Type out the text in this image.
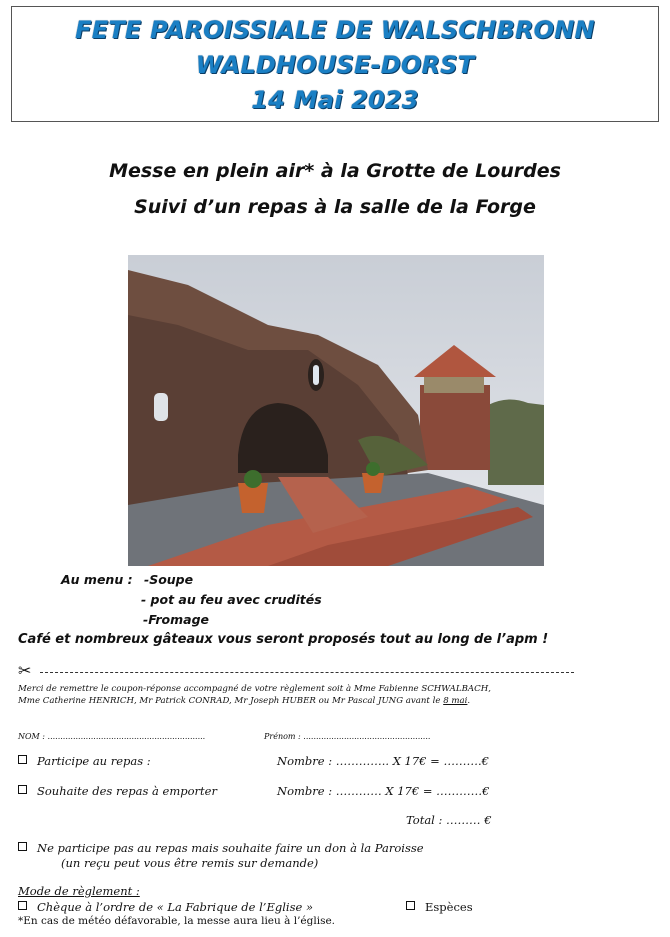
FETE PAROISSIALE DE WALSCHBRONN
WALDHOUSE-DORST
14 Mai 2023
Messe en plein air* à la Grotte de Lourdes
Suivi d’un repas à la salle de la Forge
Au menu : -Soupe
- pot au feu avec crudités
-Fromage
Café et nombreux gâteaux vous seront proposés tout au long de l’apm !
✂
Merci de remettre le coupon-réponse accompagné de votre règlement soit à Mme Fabienne SCHWALBACH,
Mme Catherine HENRICH, Mr Patrick CONRAD, Mr Joseph HUBER ou Mr Pascal JUNG avant le 8 mai.
NOM : ..............................................................	Prénom : ..................................................
Participe au repas :	Nombre : ………….. X 17€ = ……….€
Souhaite des repas à emporter	Nombre : ………… X 17€ = …………€
Total : ……… €
Ne participe pas au repas mais souhaite faire un don à la Paroisse
(un reçu peut vous être remis sur demande)
Mode de règlement :
Chèque à l’ordre de « La Fabrique de l’Eglise »	Espèces
*En cas de météo défavorable, la messe aura lieu à l’église.
